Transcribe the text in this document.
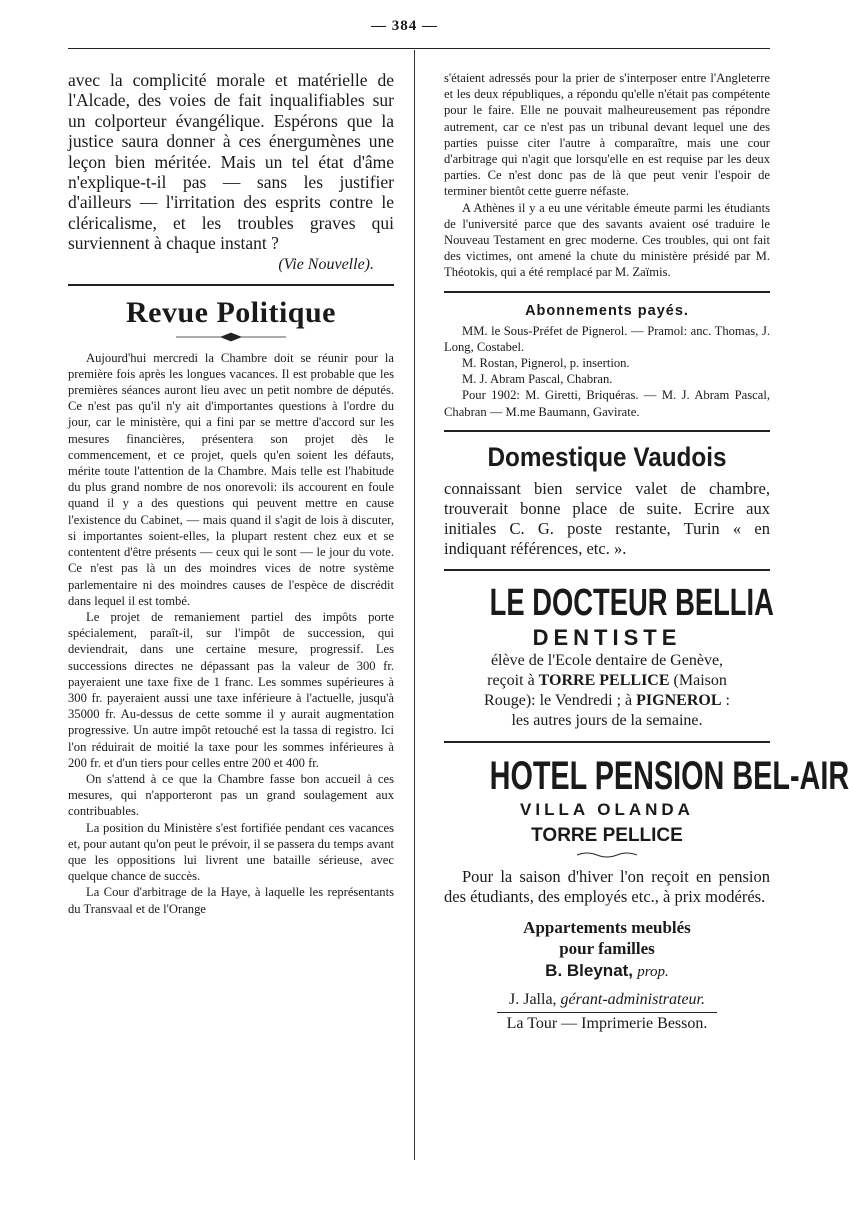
— 384 —

avec la complicité morale et matérielle de l'Alcade, des voies de fait inqualifiables sur un colporteur évangélique. Espérons que la justice saura donner à ces énergumènes une leçon bien méritée. Mais un tel état d'âme n'explique-t-il pas — sans les justifier d'ailleurs — l'irritation des esprits contre le cléricalisme, et les troubles graves qui surviennent à chaque instant ?

(Vie Nouvelle).

Revue Politique

Aujourd'hui mercredi la Chambre doit se réunir pour la première fois après les longues vacances. Il est probable que les premières séances auront lieu avec un petit nombre de députés. Ce n'est pas qu'il n'y ait d'importantes questions à l'ordre du jour, car le ministère, qui a fini par se mettre d'accord sur les mesures financières, présentera son projet dès le commencement, et ce projet, quels qu'en soient les défauts, mérite toute l'attention de la Chambre. Mais telle est l'habitude du plus grand nombre de nos onorevoli: ils accourent en foule quand il y a des questions qui peuvent mettre en cause l'existence du Cabinet, — mais quand il s'agit de lois à discuter, si importantes soient-elles, la plupart restent chez eux et se contentent d'être présents — ceux qui le sont — le jour du vote. Ce n'est pas là un des moindres vices de notre système parlementaire ni des moindres causes de l'espèce de discrédit dans lequel il est tombé.

Le projet de remaniement partiel des impôts porte spécialement, paraît-il, sur l'impôt de succession, qui deviendrait, dans une certaine mesure, progressif. Les successions directes ne dépassant pas la valeur de 300 fr. payeraient une taxe fixe de 1 franc. Les sommes supérieures à 300 fr. payeraient aussi une taxe inférieure à l'actuelle, jusqu'à 35000 fr. Au-dessus de cette somme il y aurait augmentation progressive. Un autre impôt retouché est la tassa di registro. Ici l'on réduirait de moitié la taxe pour les sommes inférieures à 200 fr. et d'un tiers pour celles entre 200 et 400 fr.

On s'attend à ce que la Chambre fasse bon accueil à ces mesures, qui n'apporteront pas un grand soulagement aux contribuables.

La position du Ministère s'est fortifiée pendant ces vacances et, pour autant qu'on peut le prévoir, il se passera du temps avant que les oppositions lui livrent une bataille sérieuse, avec quelque chance de succès.

La Cour d'arbitrage de la Haye, à laquelle les représentants du Transvaal et de l'Orange

s'étaient adressés pour la prier de s'interposer entre l'Angleterre et les deux républiques, a répondu qu'elle n'était pas compétente pour le faire. Elle ne pouvait malheureusement pas répondre autrement, car ce n'est pas un tribunal devant lequel une des parties puisse citer l'autre à comparaître, mais une cour d'arbitrage qui n'agit que lorsqu'elle en est requise par les deux parties. Ce n'est donc pas de là que peut venir l'espoir de terminer bientôt cette guerre néfaste.

A Athènes il y a eu une véritable émeute parmi les étudiants de l'université parce que des savants avaient osé traduire le Nouveau Testament en grec moderne. Ces troubles, qui ont fait des victimes, ont amené la chute du ministère présidé par M. Théotokis, qui a été remplacé par M. Zaïmis.

Abonnements payés.

MM. le Sous-Préfet de Pignerol. — Pramol: anc. Thomas, J. Long, Costabel.

M. Rostan, Pignerol, p. insertion.

M. J. Abram Pascal, Chabran.

Pour 1902: M. Giretti, Briquéras. — M. J. Abram Pascal, Chabran — M.me Baumann, Gavirate.

Domestique Vaudois

connaissant bien service valet de chambre, trouverait bonne place de suite. Ecrire aux initiales C. G. poste restante, Turin « en indiquant références, etc. ».

LE DOCTEUR BELLIA
DENTISTE

élève de l'Ecole dentaire de Genève,

reçoit à TORRE PELLICE (Maison

Rouge): le Vendredi ; à PIGNEROL :

les autres jours de la semaine.

HOTEL PENSION BEL-AIR
VILLA OLANDA
TORRE PELLICE

Pour la saison d'hiver l'on reçoit en pension des étudiants, des employés etc., à prix modérés.

Appartements meublés

pour familles

B. Bleynat, prop.

J. Jalla, gérant-administrateur.

La Tour — Imprimerie Besson.
